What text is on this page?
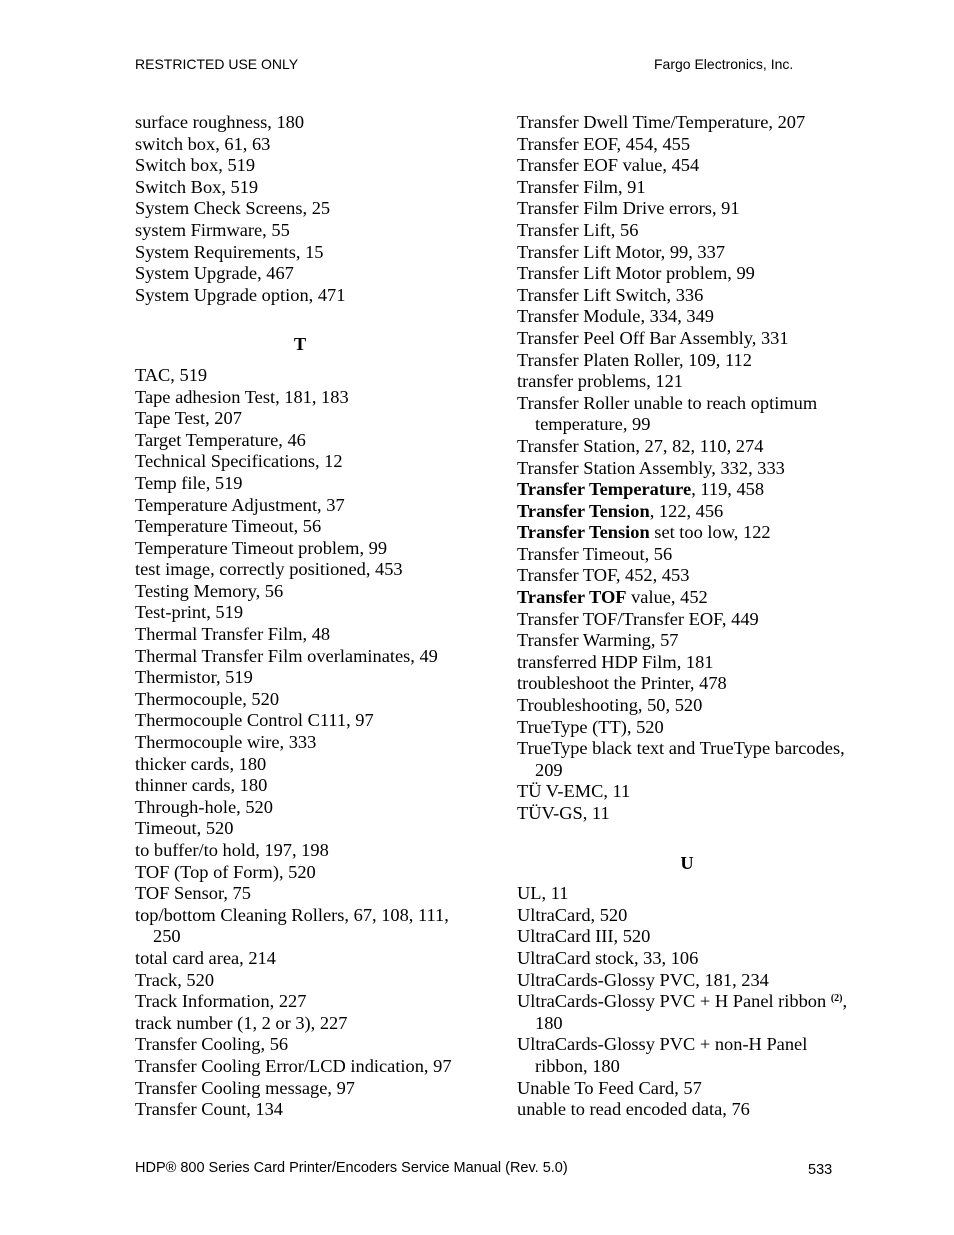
RESTRICTED USE ONLY	Fargo Electronics, Inc.
surface roughness, 180
switch box, 61, 63
Switch box, 519
Switch Box, 519
System Check Screens, 25
system Firmware, 55
System Requirements, 15
System Upgrade, 467
System Upgrade option, 471
T
TAC, 519
Tape adhesion Test, 181, 183
Tape Test, 207
Target Temperature, 46
Technical Specifications, 12
Temp file, 519
Temperature Adjustment, 37
Temperature Timeout, 56
Temperature Timeout problem, 99
test image, correctly positioned, 453
Testing Memory, 56
Test-print, 519
Thermal Transfer Film, 48
Thermal Transfer Film overlaminates, 49
Thermistor, 519
Thermocouple, 520
Thermocouple Control C111, 97
Thermocouple wire, 333
thicker cards, 180
thinner cards, 180
Through-hole, 520
Timeout, 520
to buffer/to hold, 197, 198
TOF (Top of Form), 520
TOF Sensor, 75
top/bottom Cleaning Rollers, 67, 108, 111, 250
total card area, 214
Track, 520
Track Information, 227
track number (1, 2 or 3), 227
Transfer Cooling, 56
Transfer Cooling Error/LCD indication, 97
Transfer Cooling message, 97
Transfer Count, 134
Transfer Dwell Time/Temperature, 207
Transfer EOF, 454, 455
Transfer EOF value, 454
Transfer Film, 91
Transfer Film Drive errors, 91
Transfer Lift, 56
Transfer Lift Motor, 99, 337
Transfer Lift Motor problem, 99
Transfer Lift Switch, 336
Transfer Module, 334, 349
Transfer Peel Off Bar Assembly, 331
Transfer Platen Roller, 109, 112
transfer problems, 121
Transfer Roller unable to reach optimum temperature, 99
Transfer Station, 27, 82, 110, 274
Transfer Station Assembly, 332, 333
Transfer Temperature, 119, 458
Transfer Tension, 122, 456
Transfer Tension set too low, 122
Transfer Timeout, 56
Transfer TOF, 452, 453
Transfer TOF value, 452
Transfer TOF/Transfer EOF, 449
Transfer Warming, 57
transferred HDP Film, 181
troubleshoot the Printer, 478
Troubleshooting, 50, 520
TrueType (TT), 520
TrueType black text and TrueType barcodes, 209
TÜ V-EMC, 11
TÜV-GS, 11
U
UL, 11
UltraCard, 520
UltraCard III, 520
UltraCard stock, 33, 106
UltraCards-Glossy PVC, 181, 234
UltraCards-Glossy PVC + H Panel ribbon $^{(2)}$, 180
UltraCards-Glossy PVC + non-H Panel ribbon, 180
Unable To Feed Card, 57
unable to read encoded data, 76
HDP® 800 Series Card Printer/Encoders Service Manual (Rev. 5.0)	533
